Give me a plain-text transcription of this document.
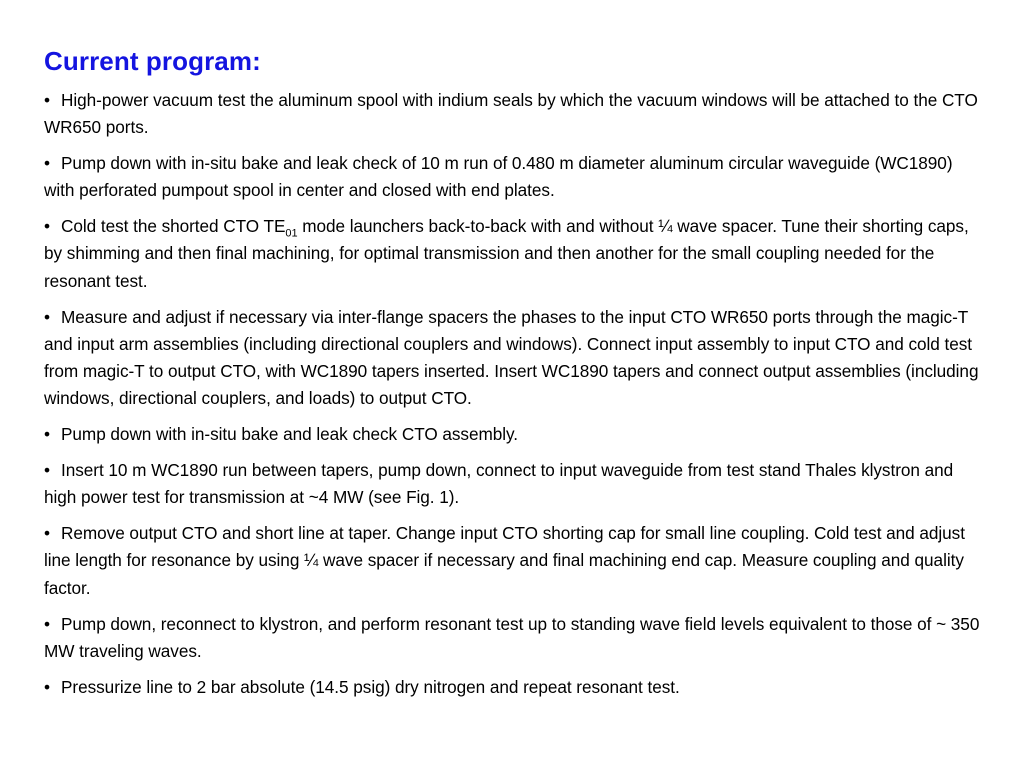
Current program:
• High-power vacuum test the aluminum spool with indium seals by which the vacuum windows will be attached to the CTO WR650 ports.
• Pump down with in-situ bake and leak check of 10 m run of 0.480 m diameter aluminum circular waveguide (WC1890) with perforated pumpout spool in center and closed with end plates.
• Cold test the shorted CTO $TE_{01}$ mode launchers back-to-back with and without ¼ wave spacer. Tune their shorting caps, by shimming and then final machining, for optimal transmission and then another for the small coupling needed for the resonant test.
• Measure and adjust if necessary via inter-flange spacers the phases to the input CTO WR650 ports through the magic-T and input arm assemblies (including directional couplers and windows). Connect input assembly to input CTO and cold test from magic-T to output CTO, with WC1890 tapers inserted. Insert WC1890 tapers and connect output assemblies (including windows, directional couplers, and loads) to output CTO.
• Pump down with in-situ bake and leak check CTO assembly.
• Insert 10 m WC1890 run between tapers, pump down, connect to input waveguide from test stand Thales klystron and high power test for transmission at ~4 MW (see Fig. 1).
• Remove output CTO and short line at taper. Change input CTO shorting cap for small line coupling. Cold test and adjust line length for resonance by using ¼ wave spacer if necessary and final machining end cap. Measure coupling and quality factor.
• Pump down, reconnect to klystron, and perform resonant test up to standing wave field levels equivalent to those of ~ 350 MW traveling waves.
• Pressurize line to 2 bar absolute (14.5 psig) dry nitrogen and repeat resonant test.
